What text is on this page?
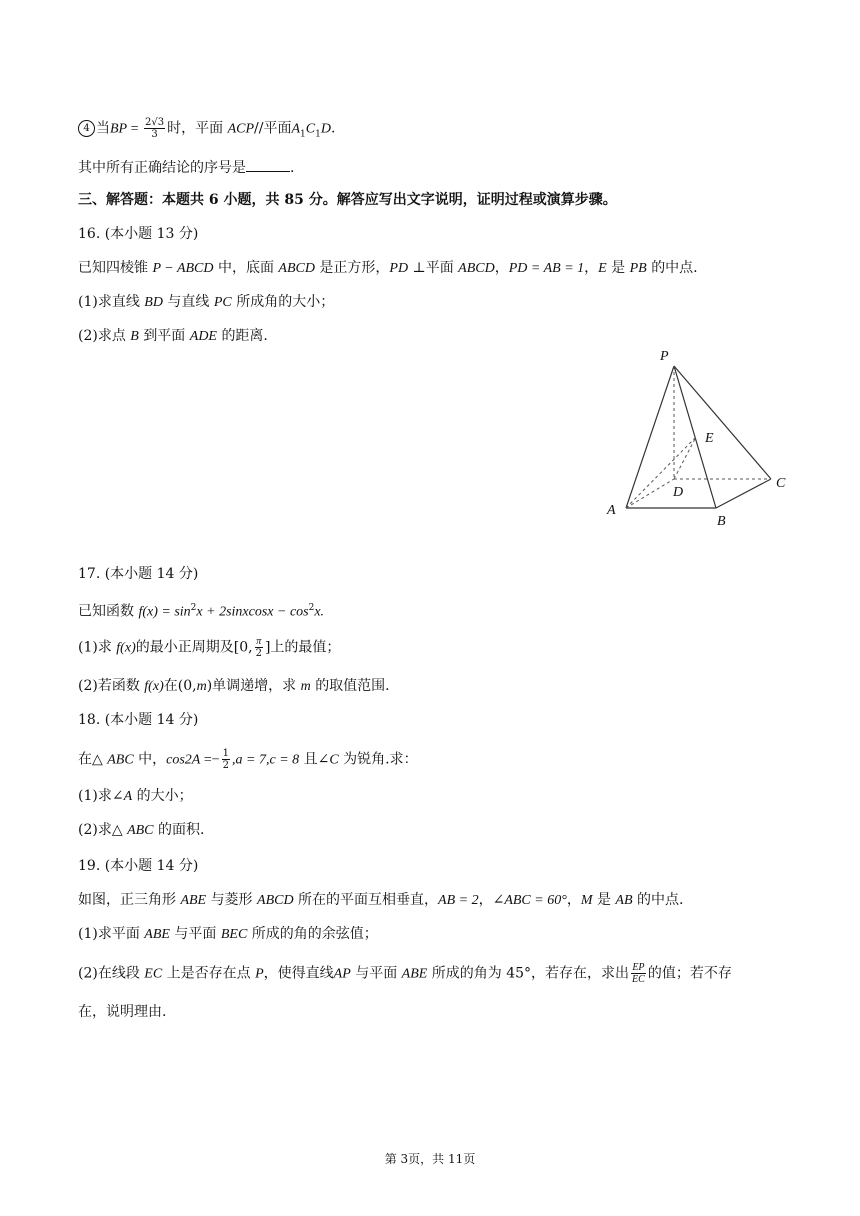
4 当BP = $\frac{2√3}{3}$ 时，平面 ACP//平面$A_1C_1D$.
其中所有正确结论的序号是	.
三、解答题：本题共 6 小题，共 85 分。解答应写出文字说明，证明过程或演算步骤。
16. (本小题 13 分)
已知四棱锥 P − ABCD 中，底面 ABCD 是正方形，PD ⊥平面 ABCD，PD = AB = 1，E 是 PB 的中点.
(1)求直线 BD 与直线 PC 所成角的大小；
(2)求点 B 到平面 ADE 的距离.
P
E
D
C
A
B
17. (本小题 14 分)
已知函数 $f(x) = \sin^2x$ + 2sinxcosx − $\cos^2x$.
(1)求 f(x)的最小正周期及[0, $\frac{\pi}{2}$ ]上的最值；
(2)若函数 f(x)在(0,m)单调递增，求 m 的取值范围.
18. (本小题 14 分)
在△ ABC 中，$\cos 2A =- \frac{1}{2} ,a = 7,c = 8$ 且∠C 为锐角.求：
(1)求∠A 的大小；
(2)求△ ABC 的面积.
19. (本小题 14 分)
如图，正三角形 ABE 与菱形 ABCD 所在的平面互相垂直，AB = 2，∠ABC = 60°，M 是 AB 的中点.
(1)求平面 ABE 与平面 BEC 所成的角的余弦值；
(2)在线段 EC 上是否存在点 P，使得直线AP 与平面 ABE 所成的角为 45°，若存在，求出 $\frac{EP}{EC}$ 的值；若不存
在，说明理由.
第 3页，共 11页
